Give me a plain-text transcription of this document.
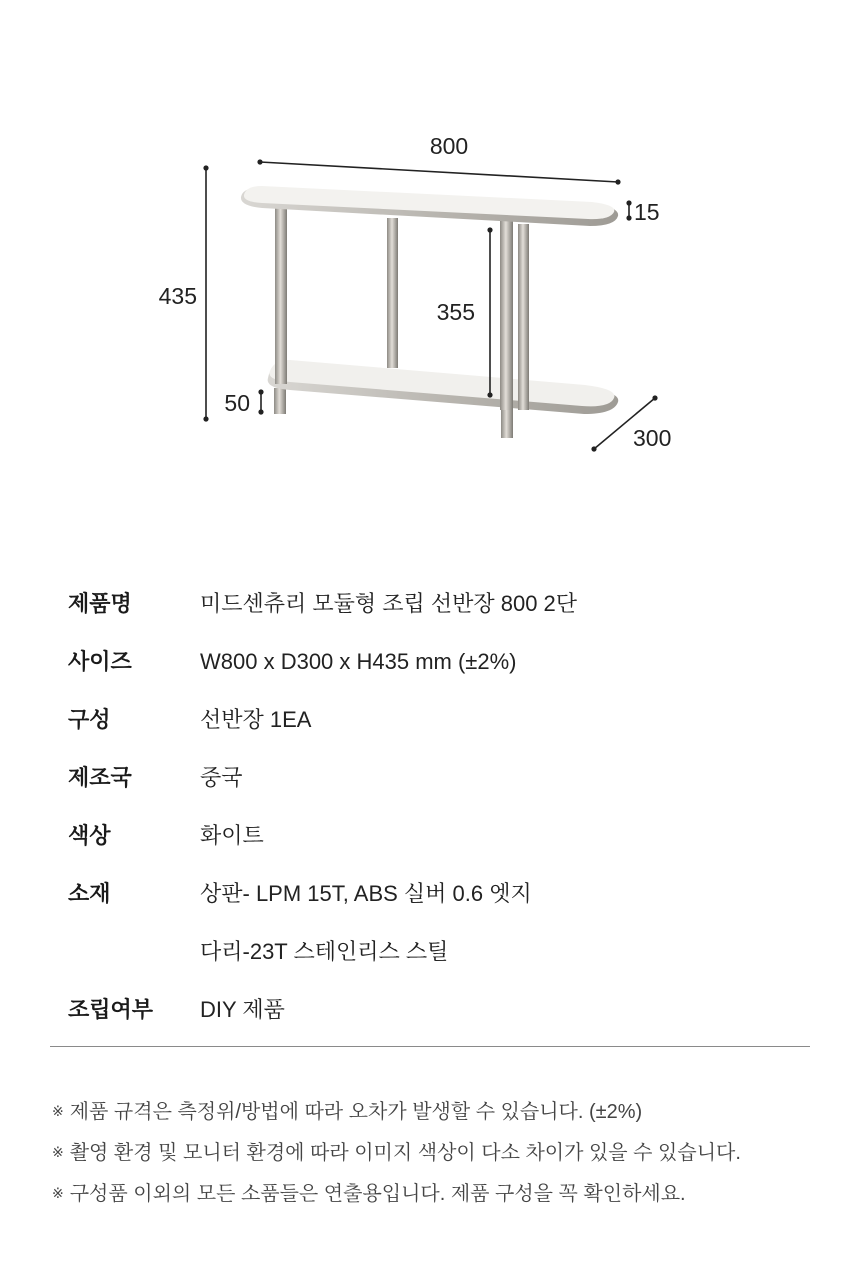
800
435
15
355
50
300
제품명	미드센츄리 모듈형 조립 선반장 800 2단
사이즈	W800 x D300 x H435 mm (±2%)
구성	선반장 1EA
제조국	중국
색상	화이트
소재	상판- LPM 15T, ABS 실버 0.6 엣지
다리-23T 스테인리스 스틸
조립여부	DIY 제품
※ 제품 규격은 측정위/방법에 따라 오차가 발생할 수 있습니다. (±2%)
※ 촬영 환경 및 모니터 환경에 따라 이미지 색상이 다소 차이가 있을 수 있습니다.
※ 구성품 이외의 모든 소품들은 연출용입니다. 제품 구성을 꼭 확인하세요.
